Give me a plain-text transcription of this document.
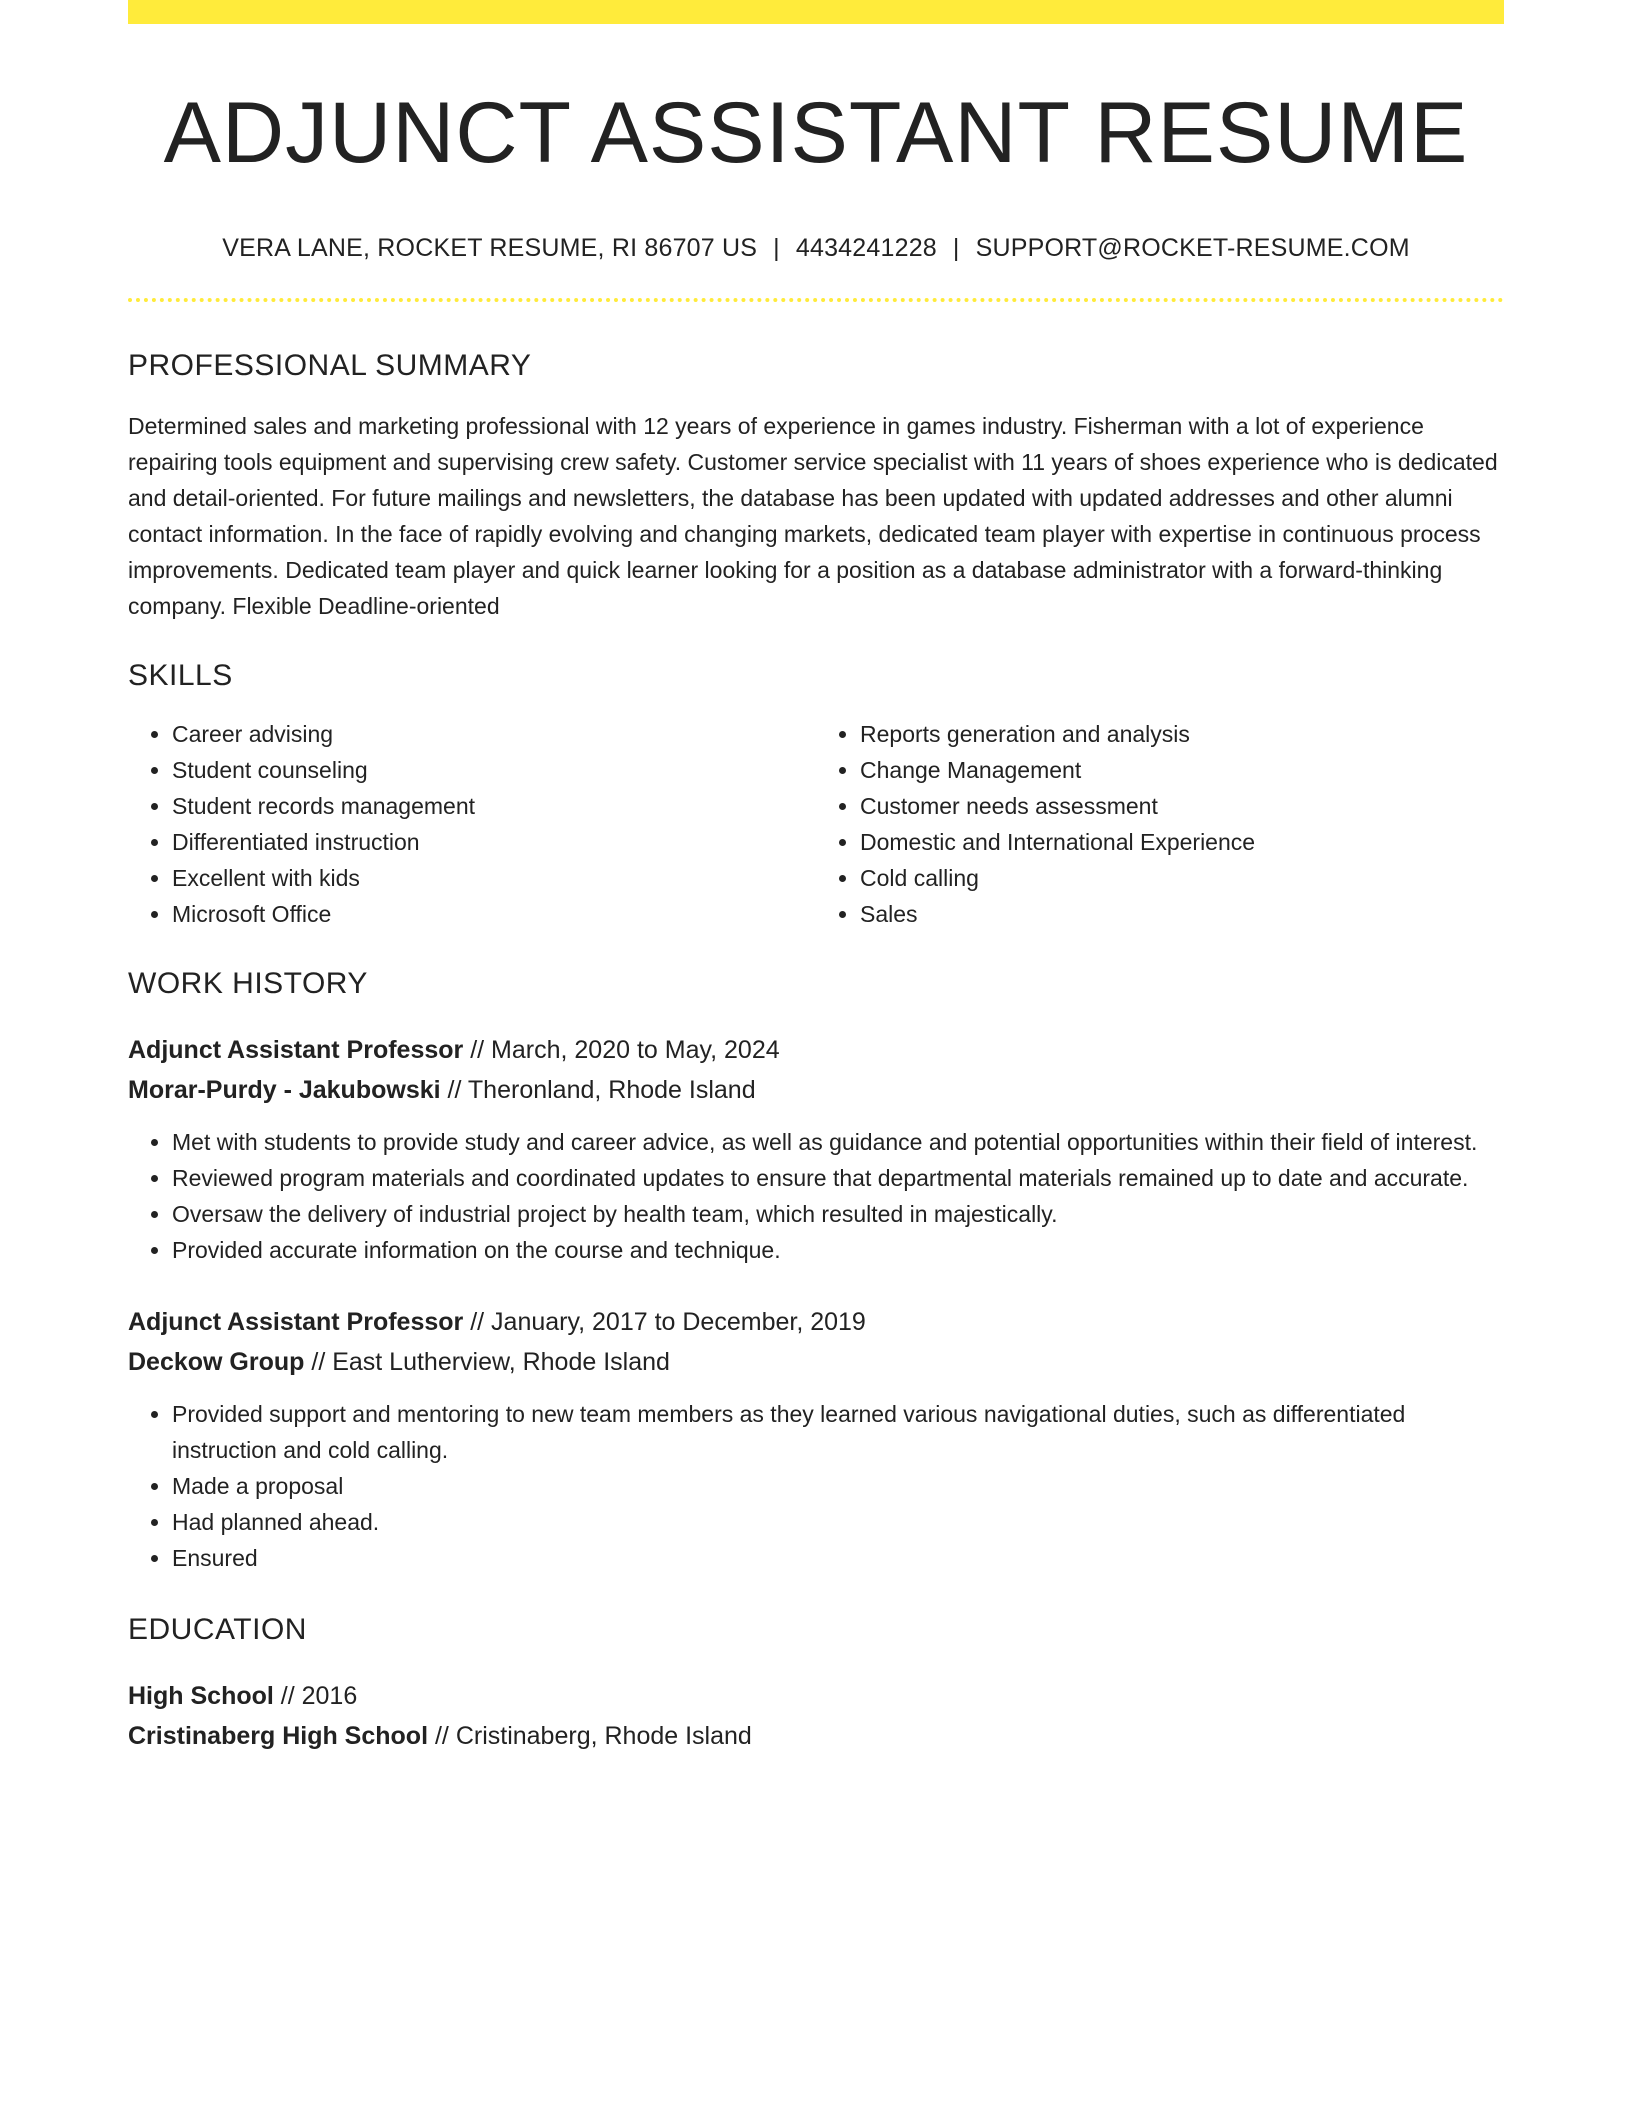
ADJUNCT ASSISTANT RESUME
VERA LANE, ROCKET RESUME, RI 86707 US | 4434241228 | SUPPORT@ROCKET-RESUME.COM
PROFESSIONAL SUMMARY
Determined sales and marketing professional with 12 years of experience in games industry. Fisherman with a lot of experience repairing tools equipment and supervising crew safety. Customer service specialist with 11 years of shoes experience who is dedicated and detail-oriented. For future mailings and newsletters, the database has been updated with updated addresses and other alumni contact information. In the face of rapidly evolving and changing markets, dedicated team player with expertise in continuous process improvements. Dedicated team player and quick learner looking for a position as a database administrator with a forward-thinking company. Flexible Deadline-oriented
SKILLS
• Career advising
• Student counseling
• Student records management
• Differentiated instruction
• Excellent with kids
• Microsoft Office
• Reports generation and analysis
• Change Management
• Customer needs assessment
• Domestic and International Experience
• Cold calling
• Sales
WORK HISTORY
Adjunct Assistant Professor // March, 2020 to May, 2024
Morar-Purdy - Jakubowski // Theronland, Rhode Island
• Met with students to provide study and career advice, as well as guidance and potential opportunities within their field of interest.
• Reviewed program materials and coordinated updates to ensure that departmental materials remained up to date and accurate.
• Oversaw the delivery of industrial project by health team, which resulted in majestically.
• Provided accurate information on the course and technique.
Adjunct Assistant Professor // January, 2017 to December, 2019
Deckow Group // East Lutherview, Rhode Island
• Provided support and mentoring to new team members as they learned various navigational duties, such as differentiated instruction and cold calling.
• Made a proposal
• Had planned ahead.
• Ensured
EDUCATION
High School // 2016
Cristinaberg High School // Cristinaberg, Rhode Island
